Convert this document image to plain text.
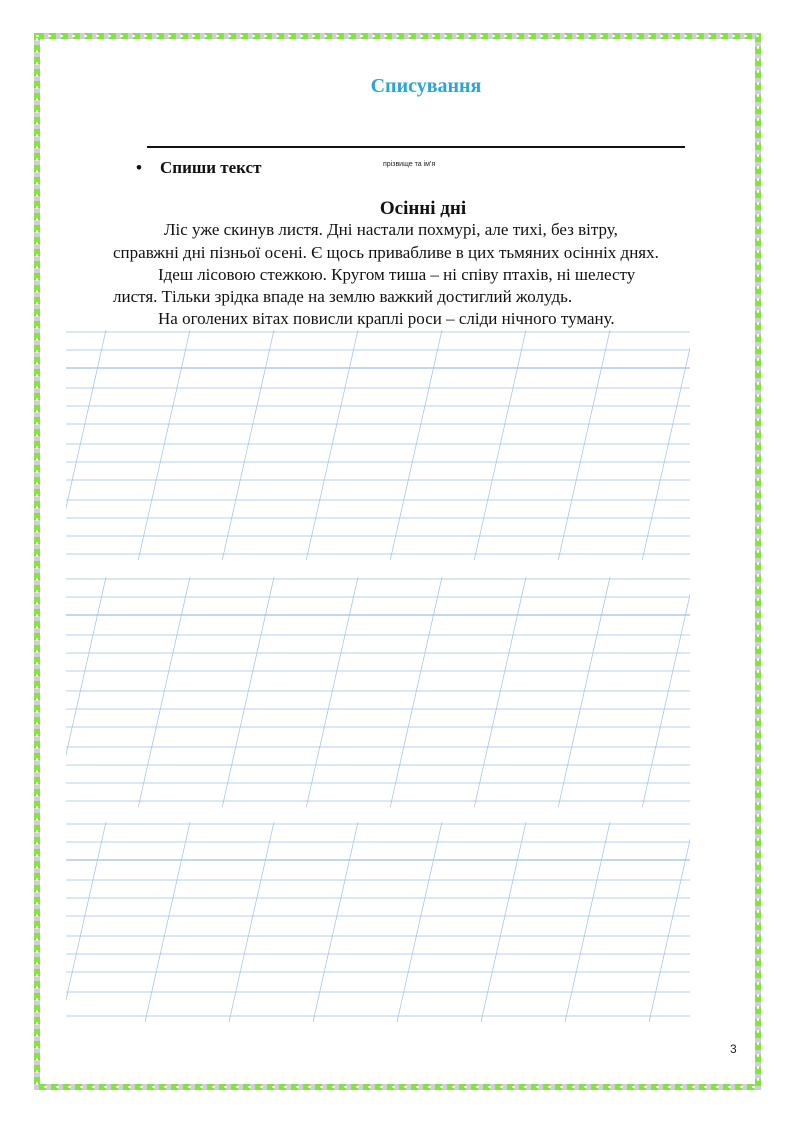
Списування
прізвище та ім’я
• Спиши текст
Осінні дні
Ліс уже скинув листя. Дні настали похмурі, але тихі, без вітру,
справжні дні пізньої осені. Є щось привабливе в цих тьмяних осінніх днях.
Ідеш лісовою стежкою. Кругом тиша – ні співу птахів, ні шелесту
листя. Тільки зрідка впаде на землю важкий достиглий жолудь.
На оголених вітах повисли краплі роси – сліди нічного туману.
3
